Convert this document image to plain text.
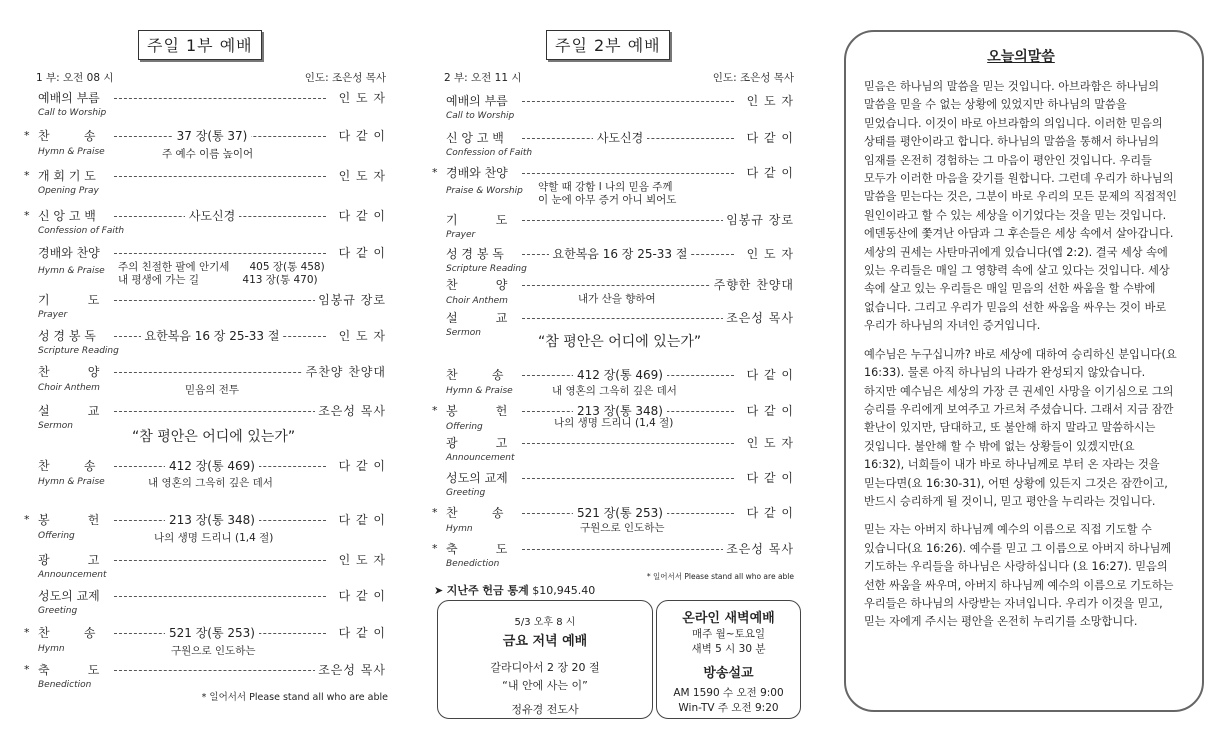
주일 1부 예배
1 부: 오전 08 시	인도: 조은성 목사
예배의 부름	인 도 자
Call to Worship
* 찬         송	37 장(통 37)	다 같 이
Hymn & Praise	주 예수 이름 높이어
* 개 회 기 도	인 도 자
Opening Pray
* 신 앙 고 백	사도신경	다 같 이
Confession of Faith
경배와 찬양	다 같 이
Hymn & Praise 주의 친절한 팔에 안기세      405 장(통 458)
내 평생에 가는 길             413 장(통 470)
기          도	임봉규 장로
Prayer
성 경 봉 독	요한복음 16 장 25-33 절	인 도 자
Scripture Reading
찬          양	주찬양 찬양대
Choir Anthem	믿음의 전투
설          교	조은성 목사
Sermon
“참 평안은 어디에 있는가”
찬         송	412 장(통 469)	다 같 이
Hymn & Praise	내 영혼의 그윽히 깊은 데서
* 봉          헌	213 장(통 348)	다 같 이
Offering	나의 생명 드리니 (1,4 절)
광          고	인 도 자
Announcement
성도의 교제	다 같 이
Greeting
* 찬         송	521 장(통 253)	다 같 이
Hymn	구원으로 인도하는
* 축          도	조은성 목사
Benediction
* 일어서서 Please stand all who are able
주일 2부 예배
2 부: 오전 11 시	인도: 조은성 목사
예배의 부름	인 도 자
Call to Worship
신 앙 고 백	사도신경	다 같 이
Confession of Faith
* 경배와 찬양	다 같 이
Praise & Worship 약할 때 강함 l 나의 믿음 주께
이 눈에 아무 증거 아니 뵈어도
기          도	임봉규 장로
Prayer
성 경 봉 독	요한복음 16 장 25-33 절	인 도 자
Scripture Reading
찬          양	주향한 찬양대
Choir Anthem	내가 산을 향하여
설          교	조은성 목사
Sermon
“참 평안은 어디에 있는가”
찬         송	412 장(통 469)	다 같 이
Hymn & Praise	내 영혼의 그윽히 깊은 데서
* 봉          헌	213 장(통 348)	다 같 이
Offering	나의 생명 드리니 (1,4 절)
광          고	인 도 자
Announcement
성도의 교제	다 같 이
Greeting
* 찬         송	521 장(통 253)	다 같 이
Hymn	구원으로 인도하는
* 축          도	조은성 목사
Benediction
* 일어서서 Please stand all who are able
➤ 지난주 헌금 통계 $10,945.40
5/3 오후 8 시
금요 저녁 예배
갈라디아서 2 장 20 절
“내 안에 사는 이”
정유경 전도사
온라인 새벽예배
매주 월~토요일
새벽 5 시 30 분
방송설교
AM 1590 수 오전 9:00
Win-TV 주 오전 9:20
오늘의말씀

믿음은 하나님의 말씀을 믿는 것입니다. 아브라함은 하나님의 말씀을 믿을 수 없는 상황에 있었지만 하나님의 말씀을 믿었습니다. 이것이 바로 아브라함의 의입니다. 이러한 믿음의 상태를 평안이라고 합니다. 하나님의 말씀을 통해서 하나님의 임재를 온전히 경험하는 그 마음이 평안인 것입니다. 우리들 모두가 이러한 마음을 갖기를 원합니다. 그런데 우리가 하나님의 말씀을 믿는다는 것은, 그분이 바로 우리의 모든 문제의 직접적인 원인이라고 할 수 있는 세상을 이기었다는 것을 믿는 것입니다. 에덴동산에 쫓겨난 아담과 그 후손들은 세상 속에서 살아갑니다. 세상의 권세는 사탄마귀에게 있습니다(엡 2:2). 결국 세상 속에 있는 우리들은 매일 그 영향력 속에 살고 있다는 것입니다. 세상 속에 살고 있는 우리들은 매일 믿음의 선한 싸움을 할 수밖에 없습니다. 그리고 우리가 믿음의 선한 싸움을 싸우는 것이 바로 우리가 하나님의 자녀인 증거입니다.

예수님은 누구십니까? 바로 세상에 대하여 승리하신 분입니다(요 16:33). 물론 아직 하나님의 나라가 완성되지 않았습니다. 하지만 예수님은 세상의 가장 큰 권세인 사망을 이기심으로 그의 승리를 우리에게 보여주고 가르쳐 주셨습니다. 그래서 지금 잠깐 환난이 있지만, 담대하고, 또 불안해 하지 말라고 말씀하시는 것입니다. 불안해 할 수 밖에 없는 상황들이 있겠지만(요 16:32), 너희들이 내가 바로 하나님께로 부터 온 자라는 것을 믿는다면(요 16:30-31), 어떤 상황에 있든지 그것은 잠깐이고, 반드시 승리하게 될 것이니, 믿고 평안을 누리라는 것입니다.

믿는 자는 아버지 하나님께 예수의 이름으로 직접 기도할 수 있습니다(요 16:26). 예수를 믿고 그 이름으로 아버지 하나님께 기도하는 우리들을 하나님은 사랑하십니다 (요 16:27). 믿음의 선한 싸움을 싸우며, 아버지 하나님께 예수의 이름으로 기도하는 우리들은 하나님의 사랑받는 자녀입니다. 우리가 이것을 믿고, 믿는 자에게 주시는 평안을 온전히 누리기를 소망합니다.
